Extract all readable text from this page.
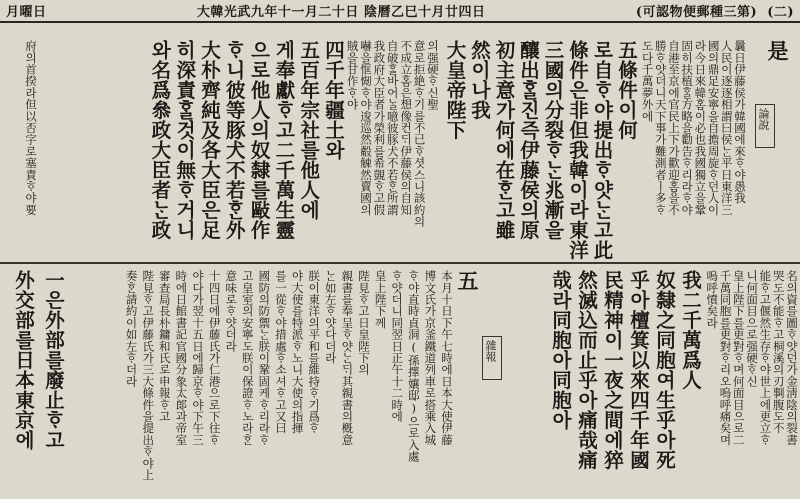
(二)
(可認物便郵種三第)
大韓光武九年十一月二十日 陰曆乙巳十月廿四日
月曜日
論說
雜報
曩日伊藤侯가韓國에來ᄒᆞ야愚我
人民이逐逐相謂曰侯ᄂᆞᆫ平日東洋三
國의鼎足安寧을自擔周旋ᄒᆞ던人이
라今日來韓홈이必也我國獨立을鞏
固히扶植ᄒᆞᆯ方略을勸告ᄒᆞ리라ᄒᆞ야
自港至京에官民上下가歡迎홈을不
勝ᄒᆞ얏더니天下事가難測者ㅣ多ᄒᆞ
도다千萬夢外에	是
五條件이何
로自ᄒᆞ야提出ᄒᆞ얏ᄂᆞᆫ고此
條件은非但我韓이라東洋
三國의分裂ᄒᆞᄂᆞᆫ兆漸을
釀出ᄒᆞᆯ진즉伊藤侯의原
初主意가何에在ᄒᆞᆫ고雖
然이나我
大皇帝陛下
의强硬ᄒᆞ신聖
意로拒絶ᄒᆞ기를不已ᄒᆞ셧스니該約의
不成立홈은想像컨ᄃᆡ伊藤侯의自知
自破ᄒᆞᆯ바어ᄂᆞᆯ噫彼豚犬不若ᄒᆞᆫ所謂
我政府大臣者가榮利를希覬ᄒᆞ고假
嚇을恇㥘ᄒᆞ야逡巡然觳觫然賣國의
賊을甘作ᄒᆞ야
四千年疆土와
五百年宗社를他人에
게奉獻ᄒᆞ고二千萬生靈
으로他人의奴隸를敺作
ᄒᆞ니彼等豚犬不若ᄒᆞᆫ外
大朴齊純及各大臣은足
히深責ᄒᆞᆯ것이無ᄒᆞ거니
와名爲叅政大臣者ᄂᆞᆫ政
府의首揆라但以否字로塞責ᄒᆞ야要
名의資를圖ᄒᆞ얏던가金淸陰의裂書
哭도不能ᄒᆞ고桐溪의刃剚腹도不
能ᄒᆞ고偃然生存ᄒᆞ야世上에更立ᄒᆞ
니何面目으로强硬ᄒᆞ신
皇上陛下를更對ᄒᆞ며何面目으로二
千萬同胞를更對ᄒᆞ리오嗚呼痛矣며
嗚呼憤矣라
我二千萬爲人
奴隸之同胞여生乎아死
乎아檀箕以來四千年國
民精神이一夜之間에猝
然滅込而止乎아痛哉痛
哉라同胞아同胞아
五
本月十日下午七時에日本大使伊藤
博文氏가京釜鐵道列車로搭乘入城
ᄒᆞ야直時貞洞(孫擇孃邸)으로入處
ᄒᆞ얏더니同翌日正午十二時에
皇上陛下께
陛見ᄒᆞ고日皇陛下의
親書를奉呈ᄒᆞ얏ᄂᆞᆫᄃᆡ其親書의槪意
ᄂᆞᆫ如左ᄒᆞ얏다더라
朕이東洋의平和를維持ᄒᆞ기爲ᄒᆞ
야大使를特派ᄒᆞ노니大使의指揮
를一從ᄒᆞ야措處ᄒᆞ소셔ᄒᆞ고又曰
國防의防禦ᄂᆞᆫ朕이鞏固케ᄒᆞ리라ᄒᆞ
고皇室의安寧도朕이保證ᄒᆞ노라ᄒᆞᆫ
意味로ᄒᆞ얏더라
十四日에伊藤氏가仁港으로下往ᄒᆞ
야다가翌十五日에歸京ᄒᆞ야下午三
時에日館書記官國分象太郞과帝室
審查局長朴鏞和氏로申報ᄒᆞ고
陛見ᄒᆞ고伊藤氏가三大條件을提出ᄒᆞ야上
奏ᄒᆞᆫ請約이如左ᄒᆞ더라
一은外部를廢止ᄒᆞ고
外交部를日本東京에
